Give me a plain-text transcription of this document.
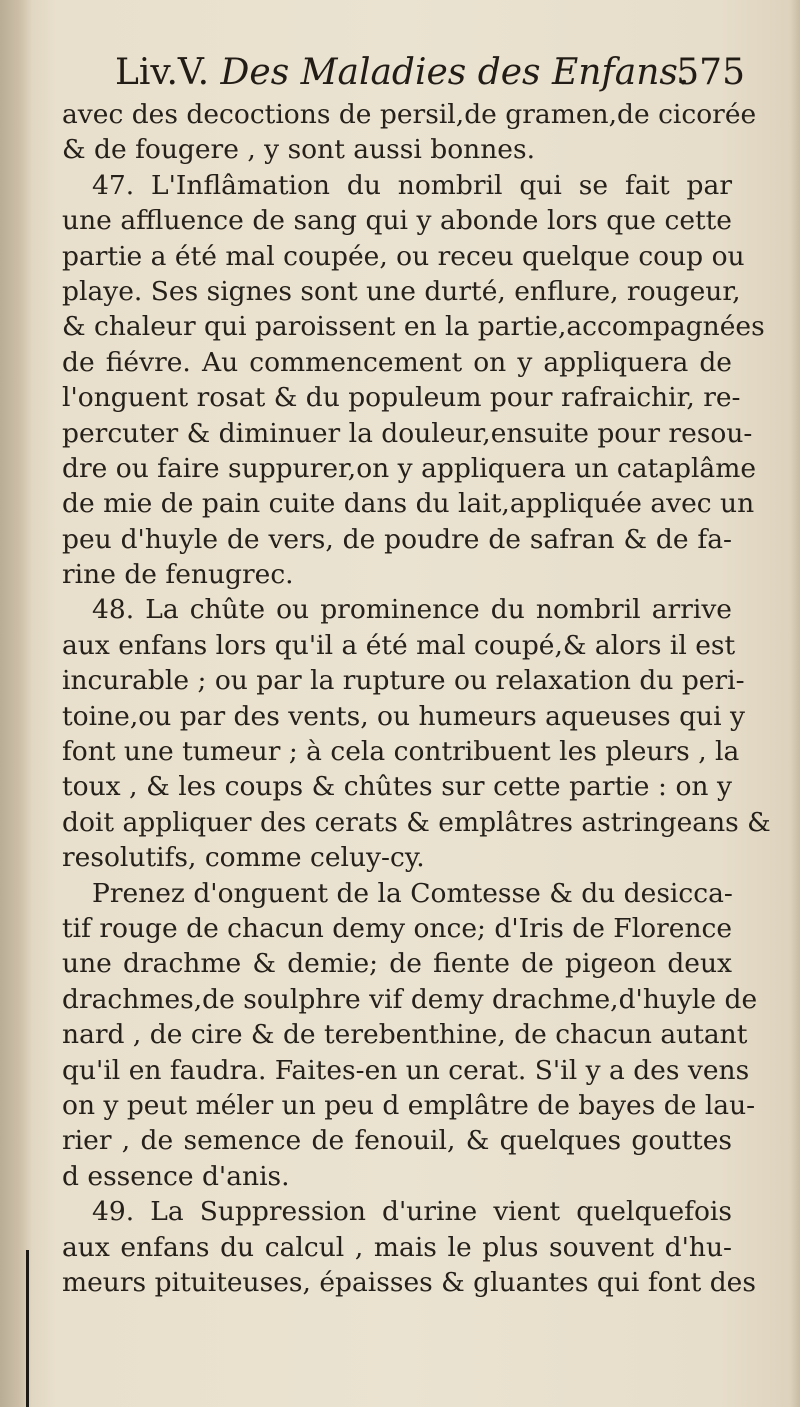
Liv.V. Des Maladies des Enfans.
575
avec des decoctions de persil,de gramen,de cicorée
& de fougere , y sont aussi bonnes.
47. L'Inflâmation du nombril qui se fait par
une affluence de sang qui y abonde lors que cette
partie a été mal coupée, ou receu quelque coup ou
playe. Ses signes sont une durté, enflure, rougeur,
& chaleur qui paroissent en la partie,accompagnées
de fiévre. Au commencement on y appliquera de
l'onguent rosat & du populeum pour rafraichir, re-
percuter & diminuer la douleur,ensuite pour resou-
dre ou faire suppurer,on y appliquera un cataplâme
de mie de pain cuite dans du lait,appliquée avec un
peu d'huyle de vers, de poudre de safran & de fa-
rine de fenugrec.
48. La chûte ou prominence du nombril arrive
aux enfans lors qu'il a été mal coupé,& alors il est
incurable ; ou par la rupture ou relaxation du peri-
toine,ou par des vents, ou humeurs aqueuses qui y
font une tumeur ; à cela contribuent les pleurs , la
toux , & les coups & chûtes sur cette partie : on y
doit appliquer des cerats & emplâtres astringeans &
resolutifs, comme celuy-cy.
Prenez d'onguent de la Comtesse & du desicca-
tif rouge de chacun demy once; d'Iris de Florence
une drachme & demie; de fiente de pigeon deux
drachmes,de soulphre vif demy drachme,d'huyle de
nard , de cire & de terebenthine, de chacun autant
qu'il en faudra. Faites-en un cerat. S'il y a des vens
on y peut méler un peu d emplâtre de bayes de lau-
rier , de semence de fenouil, & quelques gouttes
d essence d'anis.
49. La Suppression d'urine vient quelquefois
aux enfans du calcul , mais le plus souvent d'hu-
meurs pituiteuses, épaisses & gluantes qui font des
